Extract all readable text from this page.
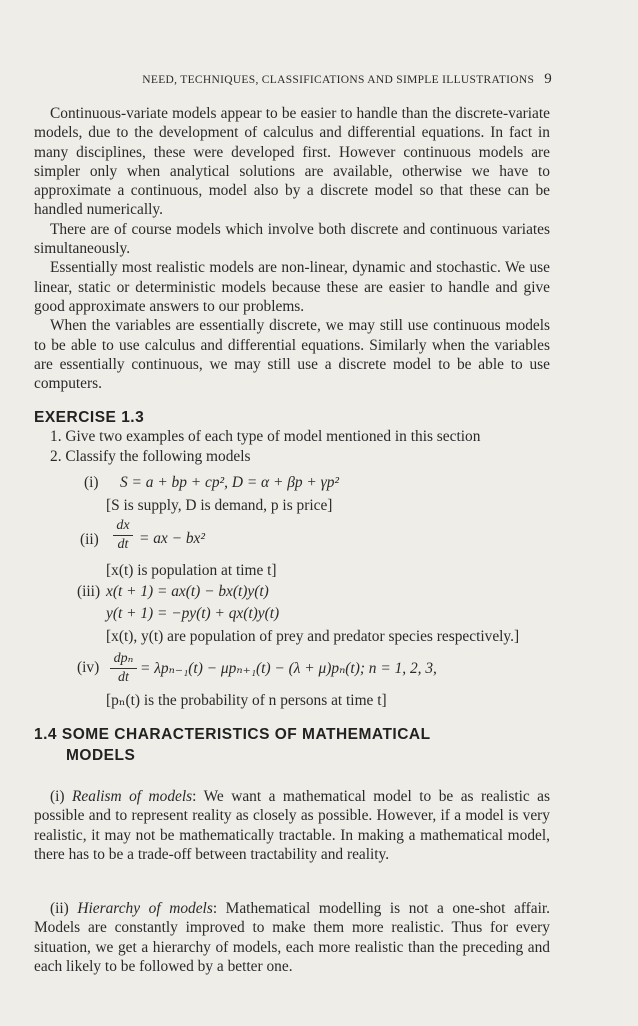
NEED, TECHNIQUES, CLASSIFICATIONS AND SIMPLE ILLUSTRATIONS 9

Continuous-variate models appear to be easier to handle than the discrete-variate models, due to the development of calculus and differential equations. In fact in many disciplines, these were developed first. However continuous models are simpler only when analytical solutions are available, otherwise we have to approximate a continuous, model also by a discrete model so that these can be handled numerically.

There are of course models which involve both discrete and continuous variates simultaneously.

Essentially most realistic models are non-linear, dynamic and stochastic. We use linear, static or deterministic models because these are easier to handle and give good approximate answers to our problems.

When the variables are essentially discrete, we may still use continuous models to be able to use calculus and differential equations. Similarly when the variables are essentially continuous, we may still use a discrete model to be able to use computers.

EXERCISE 1.3
1. Give two examples of each type of model mentioned in this section
2. Classify the following models
(i) S = a + bp + cp², D = α + βp + γp²
[S is supply, D is demand, p is price]
(ii)
dx
dt = ax − bx²
[x(t) is population at time t]
(iii) x(t + 1) = ax(t) − bx(t)y(t)
y(t + 1) = −py(t) + qx(t)y(t)
[x(t), y(t) are population of prey and predator species respectively.]
(iv)
dpₙ
dt
= λpₙ₋₁(t) − μpₙ₊₁(t) − (λ + μ)pₙ(t); n = 1, 2, 3,
[pₙ(t) is the probability of n persons at time t]
1.4 SOME CHARACTERISTICS OF MATHEMATICAL
MODELS

(i) Realism of models: We want a mathematical model to be as realistic as possible and to represent reality as closely as possible. However, if a model is very realistic, it may not be mathematically tractable. In making a mathematical model, there has to be a trade-off between tractability and reality.

(ii) Hierarchy of models: Mathematical modelling is not a one-shot affair. Models are constantly improved to make them more realistic. Thus for every situation, we get a hierarchy of models, each more realistic than the preceding and each likely to be followed by a better one.
